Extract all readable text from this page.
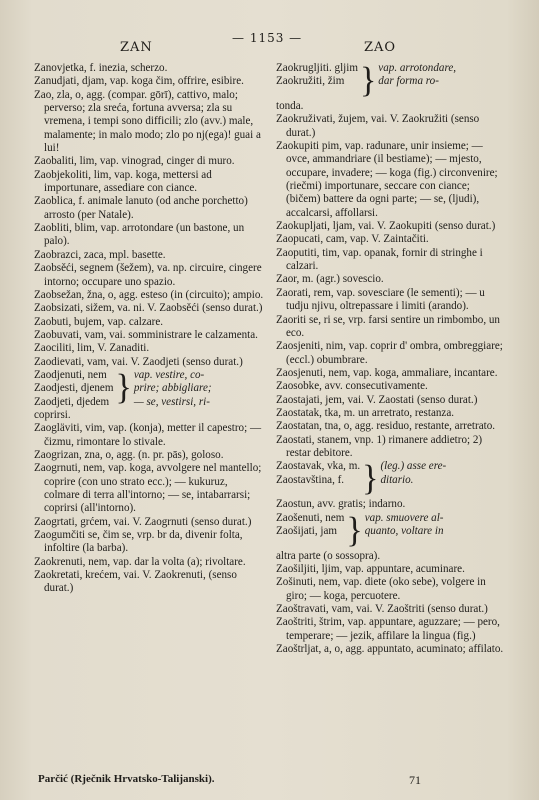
ZAN
— 1153 —
ZAO

Zanovjetka, f. inezia, scherzo.

Zanudjati, djam, vap. koga čim, offrire, esibire.

Zao, zla, o, agg. (compar. gōrī), cattivo, malo; perverso; zla sreća, fortuna avversa; zla su vremena, i tempi sono difficili; zlo (avv.) male, malamente; in malo modo; zlo po nj(ega)! guai a lui!

Zaobaliti, lim, vap. vinograd, cinger di muro.

Zaobjekoliti, lim, vap. koga, mettersi ad importunare, assediare con ciance.

Zaoblica, f. animale lanuto (od anche porchetto) arrosto (per Natale).

Zaobliti, blim, vap. arrotondare (un bastone, un palo).

Zaobrazci, zaca, mpl. basette.

Zaobsěći, segnem (šežem), va. np. circuire, cingere intorno; occupare uno spazio.

Zaobsežan, žna, o, agg. esteso (in (circuito); ampio.

Zaobsizati, sižem, va. ni. V. Zaobsěći (senso durat.)

Zaobuti, bujem, vap. calzare.

Zaobuvati, vam, vai. somministrare le calzamenta.

Zaociliti, lim, V. Zanaditi.

Zaodievati, vam, vai. V. Zaodjeti (senso durat.)

Zaodjenuti, nem
Zaodjesti, djenem
Zaodjeti, djedem } vap. vestire, co-
prire; abbigliare;
— se, vestirsi, ri-

coprirsi.

Zaogläviti, vim, vap. (konja), metter il capestro; — čizmu, rimontare lo stivale.

Zaogrizan, zna, o, agg. (n. pr. pās), goloso.

Zaogrnuti, nem, vap. koga, avvolgere nel mantello; coprire (con uno strato ecc.); — kukuruz, colmare di terra all'intorno; — se, intabarrarsi; coprirsi (all'intorno).

Zaogrtati, grćem, vai. V. Zaogrnuti (senso durat.)

Zaogumčiti se, čim se, vrp. br da, divenir folta, infoltire (la barba).

Zaokrenuti, nem, vap. dar la volta (a); rivoltare.

Zaokretati, krećem, vai. V. Zaokrenuti, (senso durat.)

Zaokrugljiti. gljim
Zaokružiti, žim } vap. arrotondare,
dar forma ro-

tonda.

Zaokruživati, žujem, vai. V. Zaokružiti (senso durat.)

Zaokupiti pim, vap. radunare, unir insieme; — ovce, ammandriare (il bestiame); — mjesto, occupare, invadere; — koga (fig.) circonvenire; (riečmi) importunare, seccare con ciance; (bičem) battere da ogni parte; — se, (ljudi), accalcarsi, affollarsi.

Zaokupljati, ljam, vai. V. Zaokupiti (senso durat.)

Zaopucati, cam, vap. V. Zaintačiti.

Zaoputiti, tim, vap. opanak, fornir di stringhe i calzari.

Zaor, m. (agr.) sovescio.

Zaorati, rem, vap. sovesciare (le sementi); — u tudju njivu, oltrepassare i limiti (arando).

Zaoriti se, ri se, vrp. farsi sentire un rimbombo, un eco.

Zaosjeniti, nim, vap. coprir d' ombra, ombreggiare; (eccl.) obumbrare.

Zaosjenuti, nem, vap. koga, ammaliare, incantare.

Zaosobke, avv. consecutivamente.

Zaostajati, jem, vai. V. Zaostati (senso durat.)

Zaostatak, tka, m. un arretrato, restanza.

Zaostatan, tna, o, agg. residuo, restante, arretrato.

Zaostati, stanem, vnp. 1) rimanere addietro; 2) restar debitore.

Zaostavak, vka, m.
Zaostavština, f. } (leg.) asse ere-
ditario.

Zaostun, avv. gratis; indarno.

Zaošenuti, nem
Zaošijati, jam } vap. smuovere al-
quanto, voltare in

altra parte (o sossopra).

Zaošiljiti, ljim, vap. appuntare, acuminare.

Zošinuti, nem, vap. diete (oko sebe), volgere in giro; — koga, percuotere.

Zaoštravati, vam, vai. V. Zaoštriti (senso durat.)

Zaoštriti, štrim, vap. appuntare, aguzzare; — pero, temperare; — jezik, affilare la lingua (fig.)

Zaoštrljat, a, o, agg. appuntato, acuminato; affilato.

Parčić (Rječnik Hrvatsko-Talijanski).	71
